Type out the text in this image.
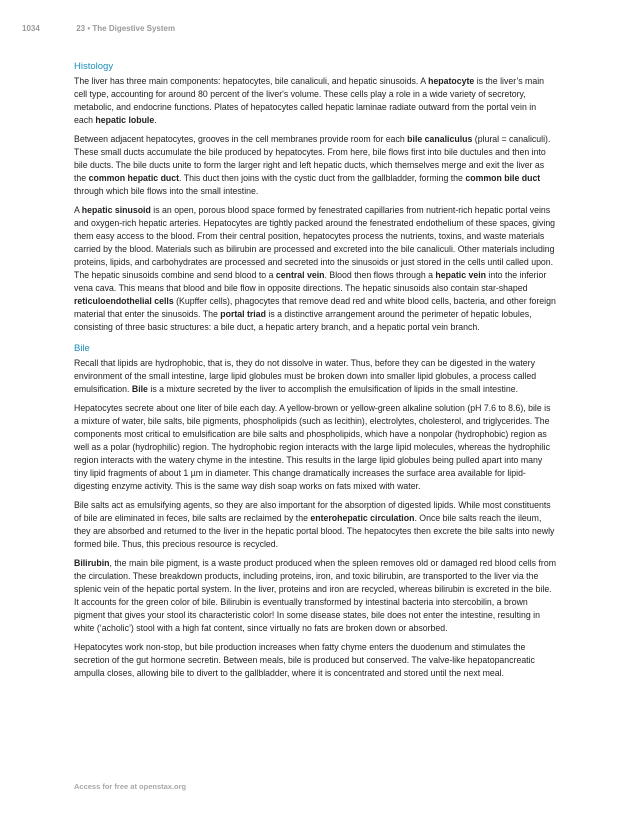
1034	23 • The Digestive System
Histology

The liver has three main components: hepatocytes, bile canaliculi, and hepatic sinusoids. A hepatocyte is the liver’s main cell type, accounting for around 80 percent of the liver's volume. These cells play a role in a wide variety of secretory, metabolic, and endocrine functions. Plates of hepatocytes called hepatic laminae radiate outward from the portal vein in each hepatic lobule.

Between adjacent hepatocytes, grooves in the cell membranes provide room for each bile canaliculus (plural = canaliculi). These small ducts accumulate the bile produced by hepatocytes. From here, bile flows first into bile ductules and then into bile ducts. The bile ducts unite to form the larger right and left hepatic ducts, which themselves merge and exit the liver as the common hepatic duct. This duct then joins with the cystic duct from the gallbladder, forming the common bile duct through which bile flows into the small intestine.

A hepatic sinusoid is an open, porous blood space formed by fenestrated capillaries from nutrient-rich hepatic portal veins and oxygen-rich hepatic arteries. Hepatocytes are tightly packed around the fenestrated endothelium of these spaces, giving them easy access to the blood. From their central position, hepatocytes process the nutrients, toxins, and waste materials carried by the blood. Materials such as bilirubin are processed and excreted into the bile canaliculi. Other materials including proteins, lipids, and carbohydrates are processed and secreted into the sinusoids or just stored in the cells until called upon. The hepatic sinusoids combine and send blood to a central vein. Blood then flows through a hepatic vein into the inferior vena cava. This means that blood and bile flow in opposite directions. The hepatic sinusoids also contain star-shaped reticuloendothelial cells (Kupffer cells), phagocytes that remove dead red and white blood cells, bacteria, and other foreign material that enter the sinusoids. The portal triad is a distinctive arrangement around the perimeter of hepatic lobules, consisting of three basic structures: a bile duct, a hepatic artery branch, and a hepatic portal vein branch.

Bile

Recall that lipids are hydrophobic, that is, they do not dissolve in water. Thus, before they can be digested in the watery environment of the small intestine, large lipid globules must be broken down into smaller lipid globules, a process called emulsification. Bile is a mixture secreted by the liver to accomplish the emulsification of lipids in the small intestine.

Hepatocytes secrete about one liter of bile each day. A yellow-brown or yellow-green alkaline solution (pH 7.6 to 8.6), bile is a mixture of water, bile salts, bile pigments, phospholipids (such as lecithin), electrolytes, cholesterol, and triglycerides. The components most critical to emulsification are bile salts and phospholipids, which have a nonpolar (hydrophobic) region as well as a polar (hydrophilic) region. The hydrophobic region interacts with the large lipid molecules, whereas the hydrophilic region interacts with the watery chyme in the intestine. This results in the large lipid globules being pulled apart into many tiny lipid fragments of about 1 µm in diameter. This change dramatically increases the surface area available for lipid-digesting enzyme activity. This is the same way dish soap works on fats mixed with water.

Bile salts act as emulsifying agents, so they are also important for the absorption of digested lipids. While most constituents of bile are eliminated in feces, bile salts are reclaimed by the enterohepatic circulation. Once bile salts reach the ileum, they are absorbed and returned to the liver in the hepatic portal blood. The hepatocytes then excrete the bile salts into newly formed bile. Thus, this precious resource is recycled.

Bilirubin, the main bile pigment, is a waste product produced when the spleen removes old or damaged red blood cells from the circulation. These breakdown products, including proteins, iron, and toxic bilirubin, are transported to the liver via the splenic vein of the hepatic portal system. In the liver, proteins and iron are recycled, whereas bilirubin is excreted in the bile. It accounts for the green color of bile. Bilirubin is eventually transformed by intestinal bacteria into stercobilin, a brown pigment that gives your stool its characteristic color! In some disease states, bile does not enter the intestine, resulting in white (‘acholic’) stool with a high fat content, since virtually no fats are broken down or absorbed.

Hepatocytes work non-stop, but bile production increases when fatty chyme enters the duodenum and stimulates the secretion of the gut hormone secretin. Between meals, bile is produced but conserved. The valve-like hepatopancreatic ampulla closes, allowing bile to divert to the gallbladder, where it is concentrated and stored until the next meal.

Access for free at openstax.org
